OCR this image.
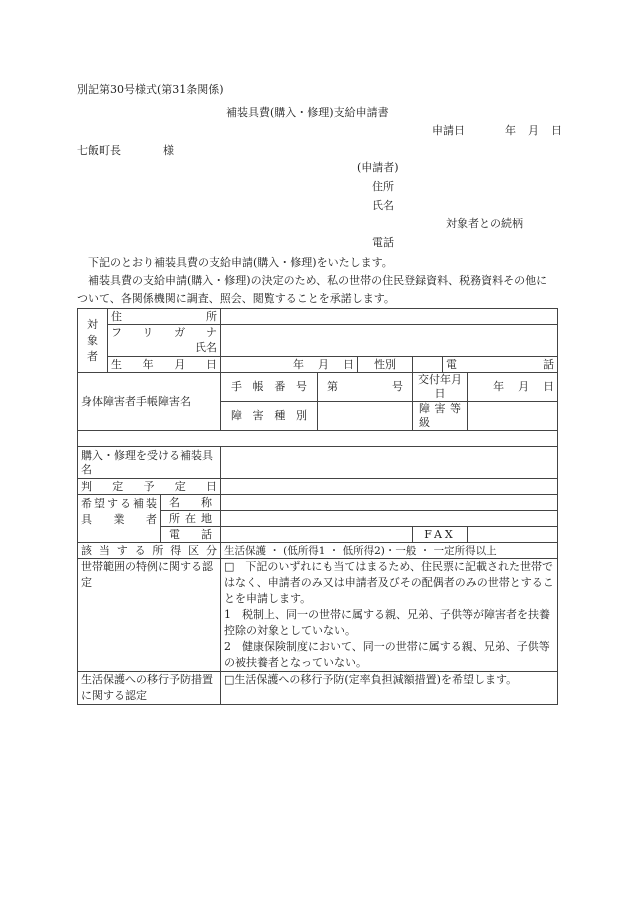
別記第30号様式(第31条関係)
補装具費(購入・修理)支給申請書
申請日	年 月 日
七飯町長	様
(申請者)
住所
氏名
対象者との続柄
電話
下記のとおり補装具費の支給申請(購入・修理)をいたします。
補装具費の支給申請(購入・修理)の決定のため、私の世帯の住民登録資料、税務資料その他について、各関係機関に調査、照会、閲覧することを承諾します。
対象者	住所								
	フリガナ								

	氏名								

	生年月日		年 月 日		性別		電話		
身体障害者手帳障害名			手帳番号	第 号		交付年月日		年 月 日	
			障害種別			障害等級			

購入・修理を受ける補装具名									
判定予定日									

希望する補装具業者		名称							
		所在地							
		電話				FAX			
該当する所得区分			生活保護 ・ (低所得1 ・ 低所得2)・一般 ・ 一定所得以上						
世帯範囲の特例に関する認定			□　下記のいずれにも当てはまるため、住民票に記載された世帯ではなく、申請者のみ又は申請者及びその配偶者のみの世帯とすることを申請します。
1　税制上、同一の世帯に属する親、兄弟、子供等が障害者を扶養控除の対象としていない。
2　健康保険制度において、同一の世帯に属する親、兄弟、子供等の被扶養者となっていない。						

生活保護への移行予防措置に関する認定			□生活保護への移行予防(定率負担減額措置)を希望します。						
